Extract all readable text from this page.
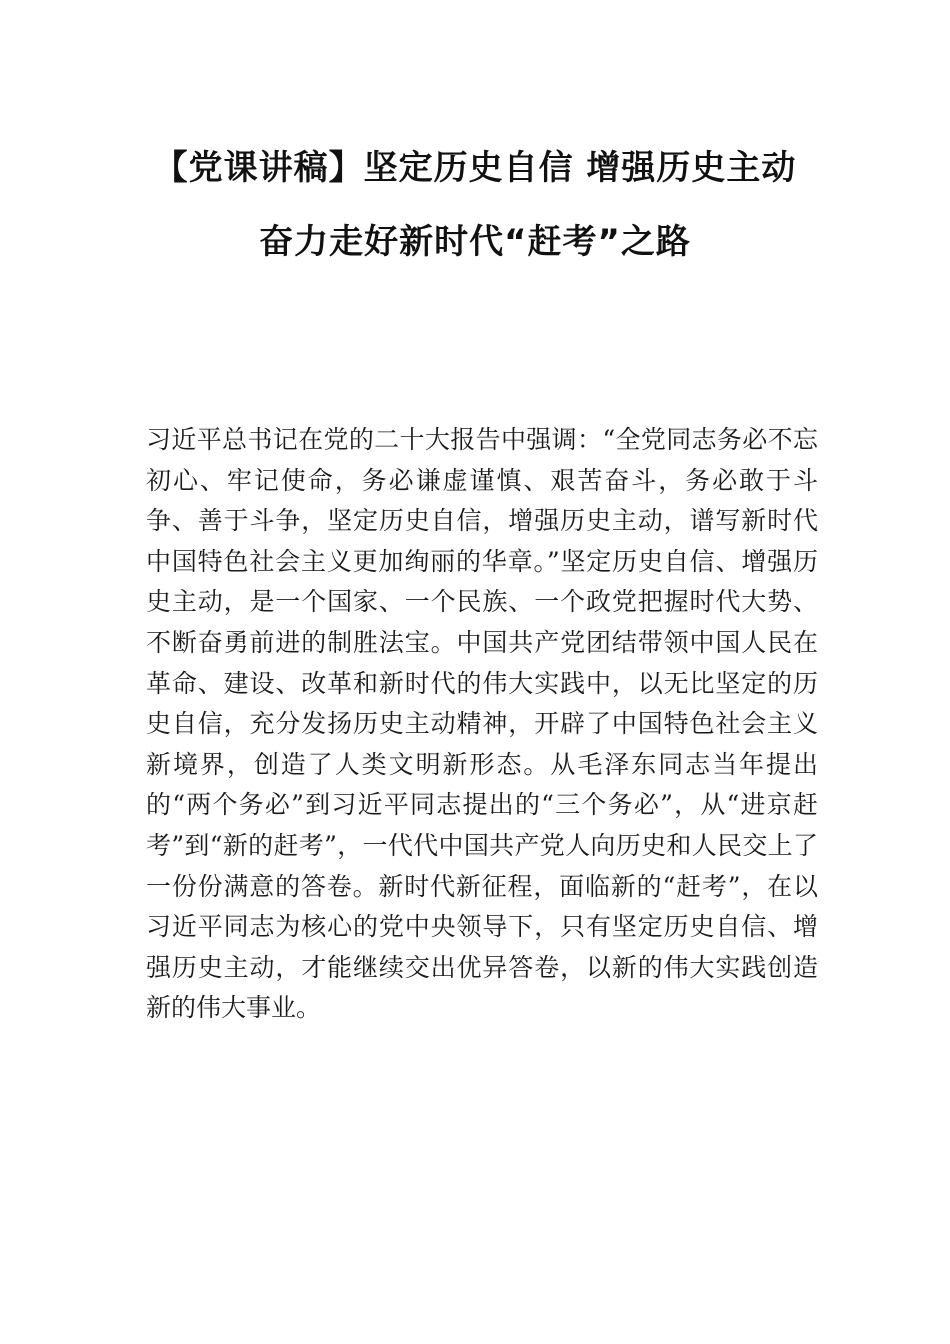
【党课讲稿】坚定历史自信 增强历史主动
奋力走好新时代“赶考”之路
习近平总书记在党的二十大报告中强调：“全党同志务必不忘初心、牢记使命，务必谦虚谨慎、艰苦奋斗，务必敢于斗争、善于斗争，坚定历史自信，增强历史主动，谱写新时代中国特色社会主义更加绚丽的华章。”坚定历史自信、增强历史主动，是一个国家、一个民族、一个政党把握时代大势、不断奋勇前进的制胜法宝。中国共产党团结带领中国人民在革命、建设、改革和新时代的伟大实践中，以无比坚定的历史自信，充分发扬历史主动精神，开辟了中国特色社会主义新境界，创造了人类文明新形态。从毛泽东同志当年提出的“两个务必”到习近平同志提出的“三个务必”，从“进京赶考”到“新的赶考”，一代代中国共产党人向历史和人民交上了一份份满意的答卷。新时代新征程，面临新的“赶考”，在以习近平同志为核心的党中央领导下，只有坚定历史自信、增强历史主动，才能继续交出优异答卷，以新的伟大实践创造新的伟大事业。
